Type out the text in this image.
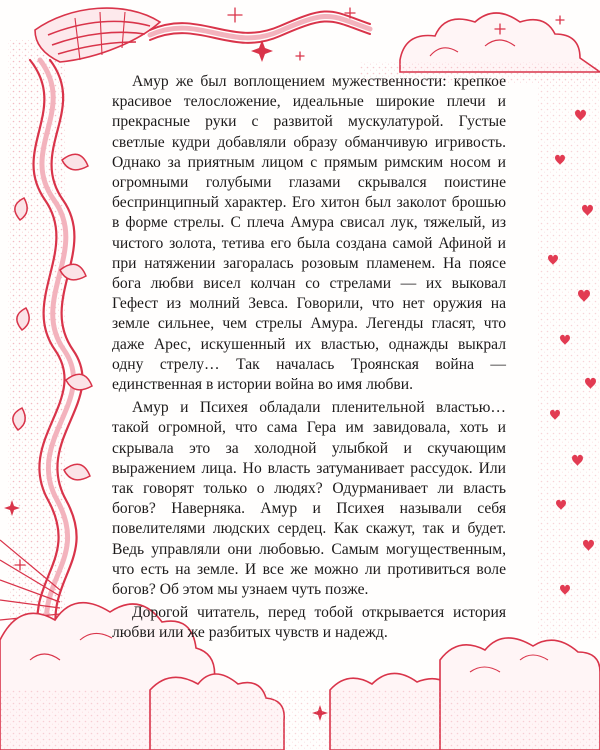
Амур же был воплощением мужественности: крепкое красивое телосложение, идеальные широкие плечи и прекрасные руки с развитой мускулатурой. Густые светлые кудри добавляли образу обманчивую игривость. Однако за приятным лицом с прямым римским носом и огромными голубыми глазами скрывался поистине беспринципный характер. Его хитон был заколот брошью в форме стрелы. С плеча Амура свисал лук, тяжелый, из чистого золота, тетива его была создана самой Афиной и при натяжении загоралась розовым пламенем. На поясе бога любви висел колчан со стрелами — их выковал Гефест из молний Зевса. Говорили, что нет оружия на земле сильнее, чем стрелы Амура. Легенды гласят, что даже Арес, искушенный их властью, однажды выкрал одну стрелу… Так началась Троянская война — единственная в истории война во имя любви.

Амур и Психея обладали пленительной властью… такой огромной, что сама Гера им завидовала, хоть и скрывала это за холодной улыбкой и скучающим выражением лица. Но власть затуманивает рассудок. Или так говорят только о людях? Одурманивает ли власть богов? Наверняка. Амур и Психея называли себя повелителями людских сердец. Как скажут, так и будет. Ведь управляли они любовью. Самым могущественным, что есть на земле. И все же можно ли противиться воле богов? Об этом мы узнаем чуть позже.

Дорогой читатель, перед тобой открывается история любви или же разбитых чувств и надежд.
